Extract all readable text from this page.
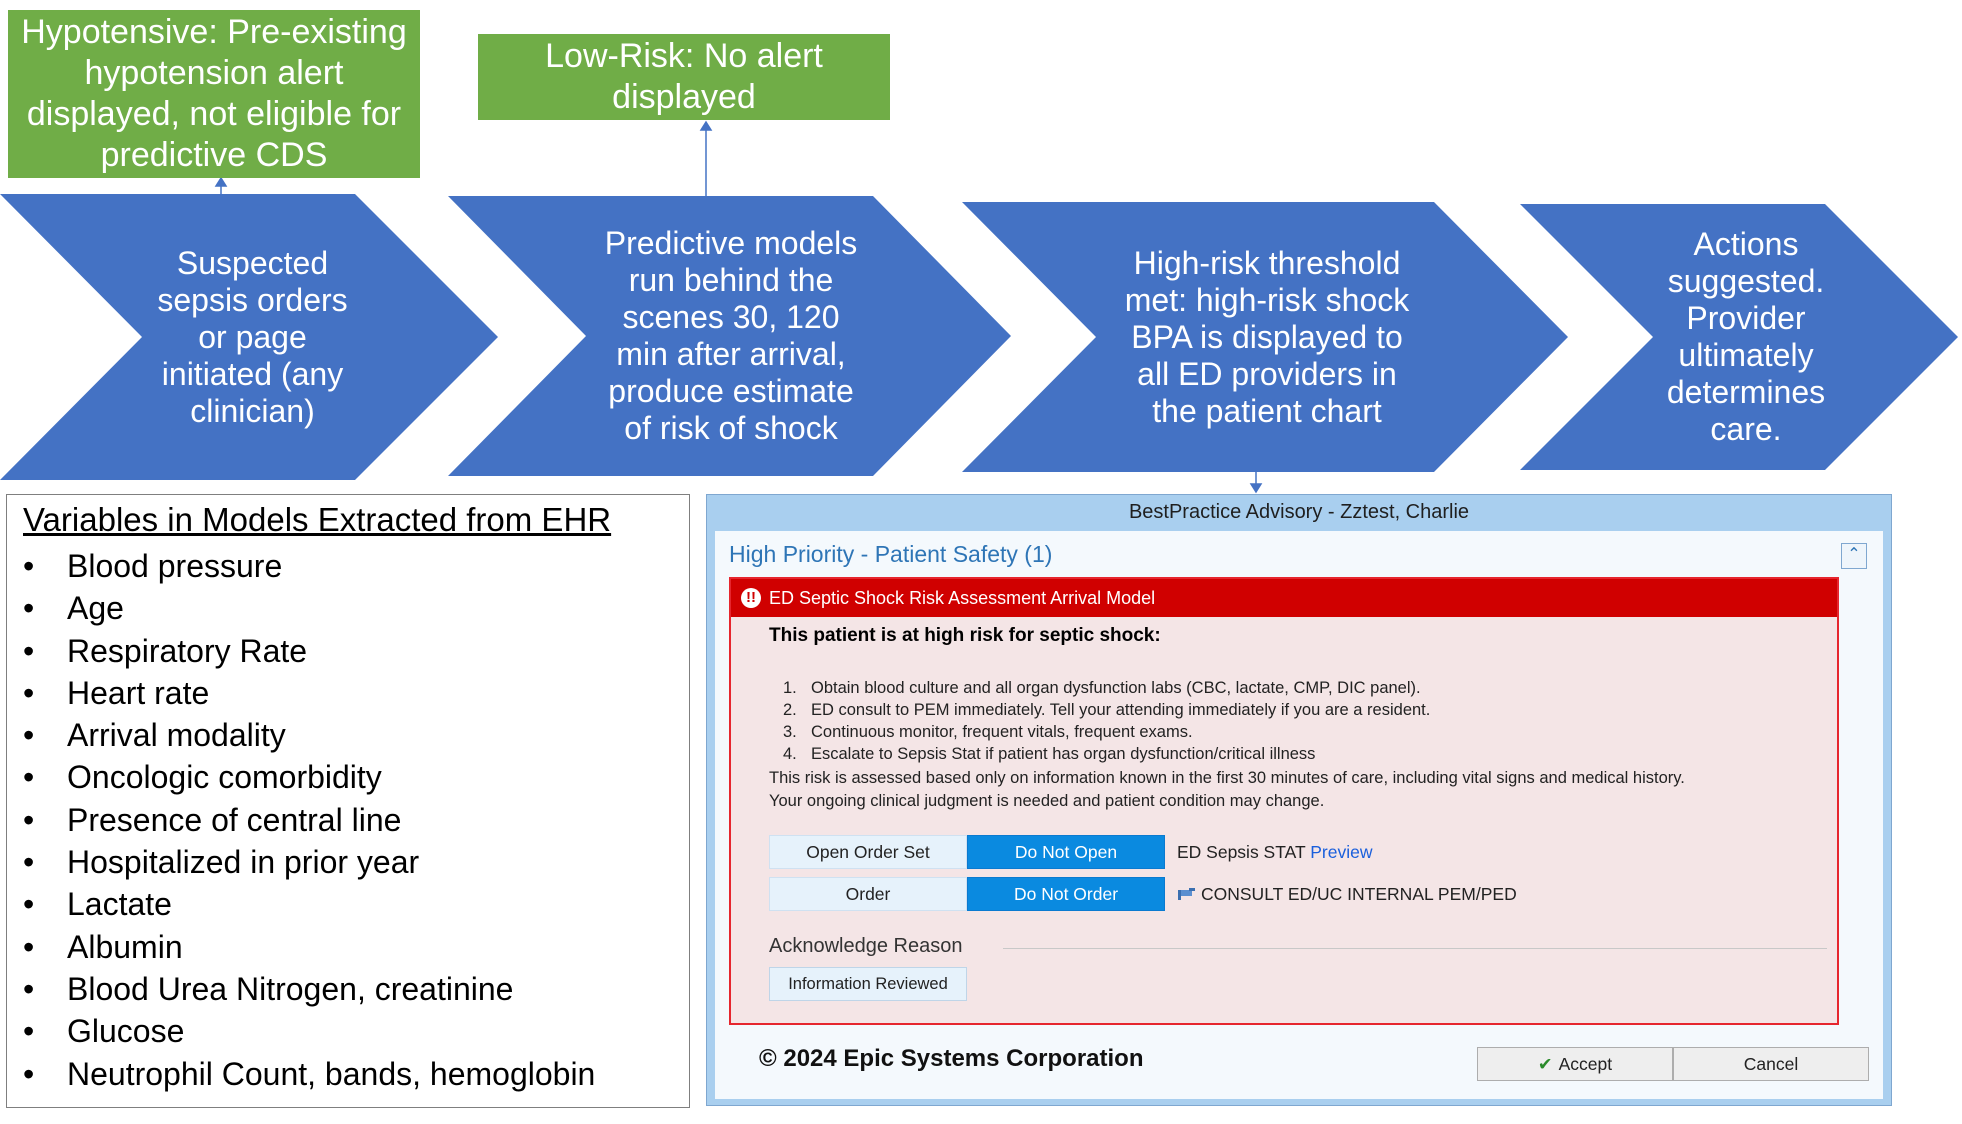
Hypotensive: Pre-existing hypotension alert displayed, not eligible for predictive CDS
Low-Risk: No alert displayed
Suspected sepsis orders or page initiated (any clinician)
Predictive models run behind the scenes 30, 120 min after arrival, produce estimate of risk of shock
High-risk threshold met: high-risk shock BPA is displayed to all ED providers in the patient chart
Actions suggested. Provider ultimately determines care.
Variables in Models Extracted from EHR
• Blood pressure
• Age
• Respiratory Rate
• Heart rate
• Arrival modality
• Oncologic comorbidity
• Presence of central line
• Hospitalized in prior year
• Lactate
• Albumin
• Blood Urea Nitrogen, creatinine
• Glucose
• Neutrophil Count, bands, hemoglobin
BestPractice Advisory - Zztest, Charlie
High Priority - Patient Safety (1)	⌃
!! ED Septic Shock Risk Assessment Arrival Model
This patient is at high risk for septic shock:
1. Obtain blood culture and all organ dysfunction labs (CBC, lactate, CMP, DIC panel).
2. ED consult to PEM immediately. Tell your attending immediately if you are a resident.
3. Continuous monitor, frequent vitals, frequent exams.
4. Escalate to Sepsis Stat if patient has organ dysfunction/critical illness
This risk is assessed based only on information known in the first 30 minutes of care, including vital signs and medical history.
Your ongoing clinical judgment is needed and patient condition may change.
Open Order Set	Do Not Open	ED Sepsis STAT Preview
Order	Do Not Order	CONSULT ED/UC INTERNAL PEM/PED
Acknowledge Reason
Information Reviewed
© 2024 Epic Systems Corporation	✔ Accept	Cancel
